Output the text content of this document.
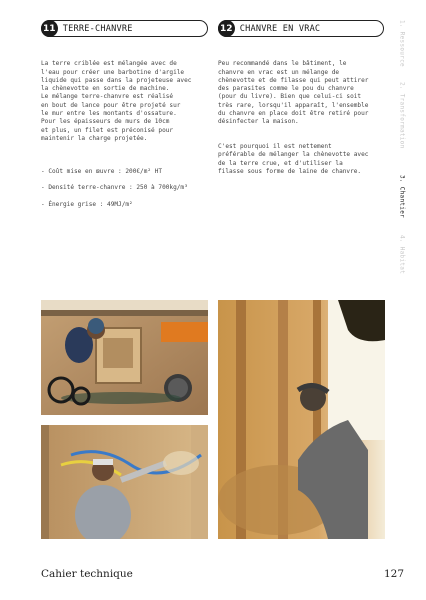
11 TERRE-CHANVRE	12 CHANVRE EN VRAC

La terre criblée est mélangée avec de
l'eau pour créer une barbotine d'argile
liquide qui passe dans la projeteuse avec
la chènevotte en sortie de machine.
Le mélange terre-chanvre est réalisé
en bout de lance pour être projeté sur
le mur entre les montants d'ossature.
Pour les épaisseurs de murs de 10cm
et plus, un filet est préconisé pour
maintenir la charge projetée.

- Coût mise en œuvre : 200€/m² HT

- Densité terre-chanvre : 250 à 700kg/m³

- Énergie grise : 49MJ/m²

Peu recommandé dans le bâtiment, le
chanvre en vrac est un mélange de
chènevotte et de filasse qui peut attirer
des parasites comme le pou du chanvre
(pour du livre). Bien que celui-ci soit
très rare, lorsqu'il apparaît, l'ensemble
du chanvre en place doit être retiré pour
désinfecter la maison.

C'est pourquoi il est nettement
préférable de mélanger la chènevotte avec
de la terre crue, et d'utiliser la
filasse sous forme de laine de chanvre.

1. Ressource
2. Transformation
3. Chantier
4. Habitat
Cahier technique	127
